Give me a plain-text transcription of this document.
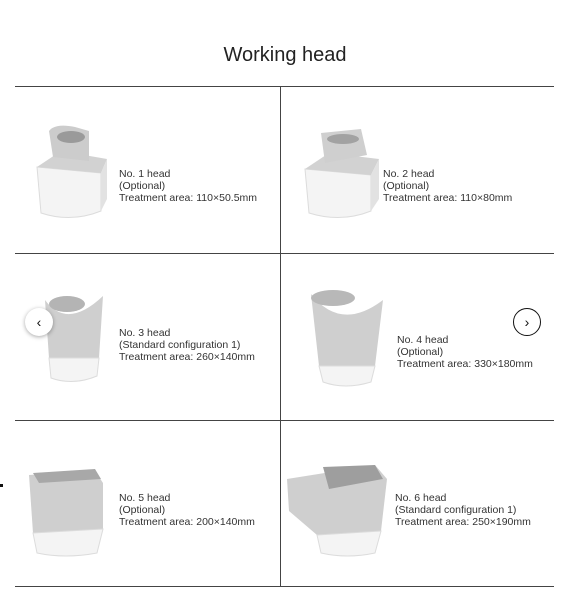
Working head
No. 1 head
(Optional)
Treatment area: 110×50.5mm
No. 2 head
(Optional)
Treatment area: 110×80mm
No. 3 head
(Standard configuration 1)
Treatment area: 260×140mm
No. 4 head
(Optional)
Treatment area: 330×180mm
No. 5 head
(Optional)
Treatment area: 200×140mm
No. 6 head
(Standard configuration 1)
Treatment area: 250×190mm
‹	›
